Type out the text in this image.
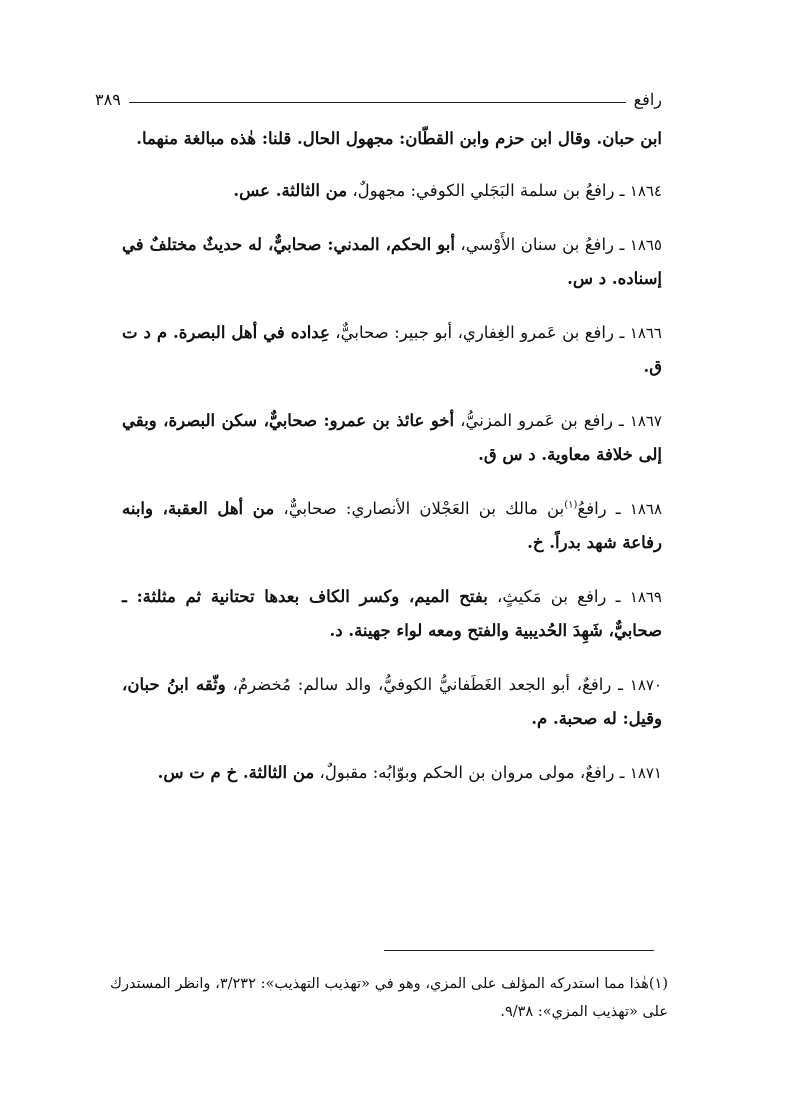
رافع
٣٨٩

ابن حبان. وقال ابن حزم وابن القطّان: مجهول الحال. قلنا: هٰذه مبالغة منهما.

١٨٦٤ ـ رافعُ بن سلمة البَجَلي الكوفي: مجهولٌ، من الثالثة. عس.

١٨٦٥ ـ رافعُ بن سنان الأَوْسي، أبو الحكم، المدني: صحابيٌّ، له حديثٌ مختلفٌ في إسناده. د س.

١٨٦٦ ـ رافع بن عَمرو الغِفاري، أبو جبير: صحابيٌّ، عِداده في أهل البصرة. م د ت ق.

١٨٦٧ ـ رافع بن عَمرو المزنيُّ، أخو عائذ بن عمرو: صحابيٌّ، سكن البصرة، وبقي إلى خلافة معاوية. د س ق.

١٨٦٨ ـ رافعُ$^{(١)}$بن مالك بن العَجْلان الأنصاري: صحابيٌّ، من أهل العقبة، وابنه رفاعة شهد بدراً. خ.

١٨٦٩ ـ رافع بن مَكيثٍ، بفتح الميم، وكسر الكاف بعدها تحتانية ثم مثلثة: ـ صحابيٌّ، شَهِدَ الحُديبية والفتح ومعه لواء جهينة. د.

١٨٧٠ ـ رافعٌ، أبو الجعد الغَطَفانيُّ الكوفيُّ، والد سالم: مُخضرمٌ، وثّقه ابنُ حبان، وقيل: له صحبة. م.

١٨٧١ ـ رافعٌ، مولى مروان بن الحكم وبوّابُه: مقبولٌ، من الثالثة. خ م ت س.

(١)هٰذا مما استدركه المؤلف على المزي، وهو في «تهذيب التهذيب»: ٣/٢٣٢، وانظر المستدرك على «تهذيب المزي»: ٩/٣٨.
